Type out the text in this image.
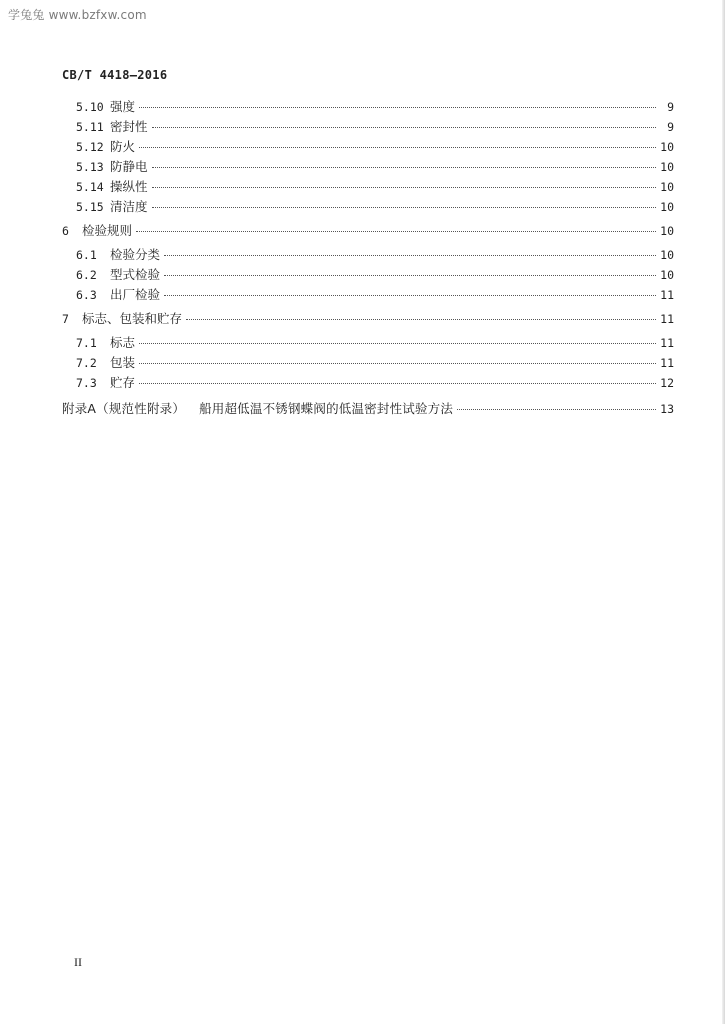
学兔兔 www.bzfxw.com
CB/T 4418—2016
5.10 强度	9
5.11 密封性	9
5.12 防火	10
5.13 防静电	10
5.14 操纵性	10
5.15 清洁度	10
6	检验规则	10
6.1	检验分类	10
6.2	型式检验	10
6.3	出厂检验	11
7	标志、包装和贮存	11
7.1	标志	11
7.2	包装	11
7.3	贮存	12
附录A（规范性附录） 船用超低温不锈钢蝶阀的低温密封性试验方法	13
II
